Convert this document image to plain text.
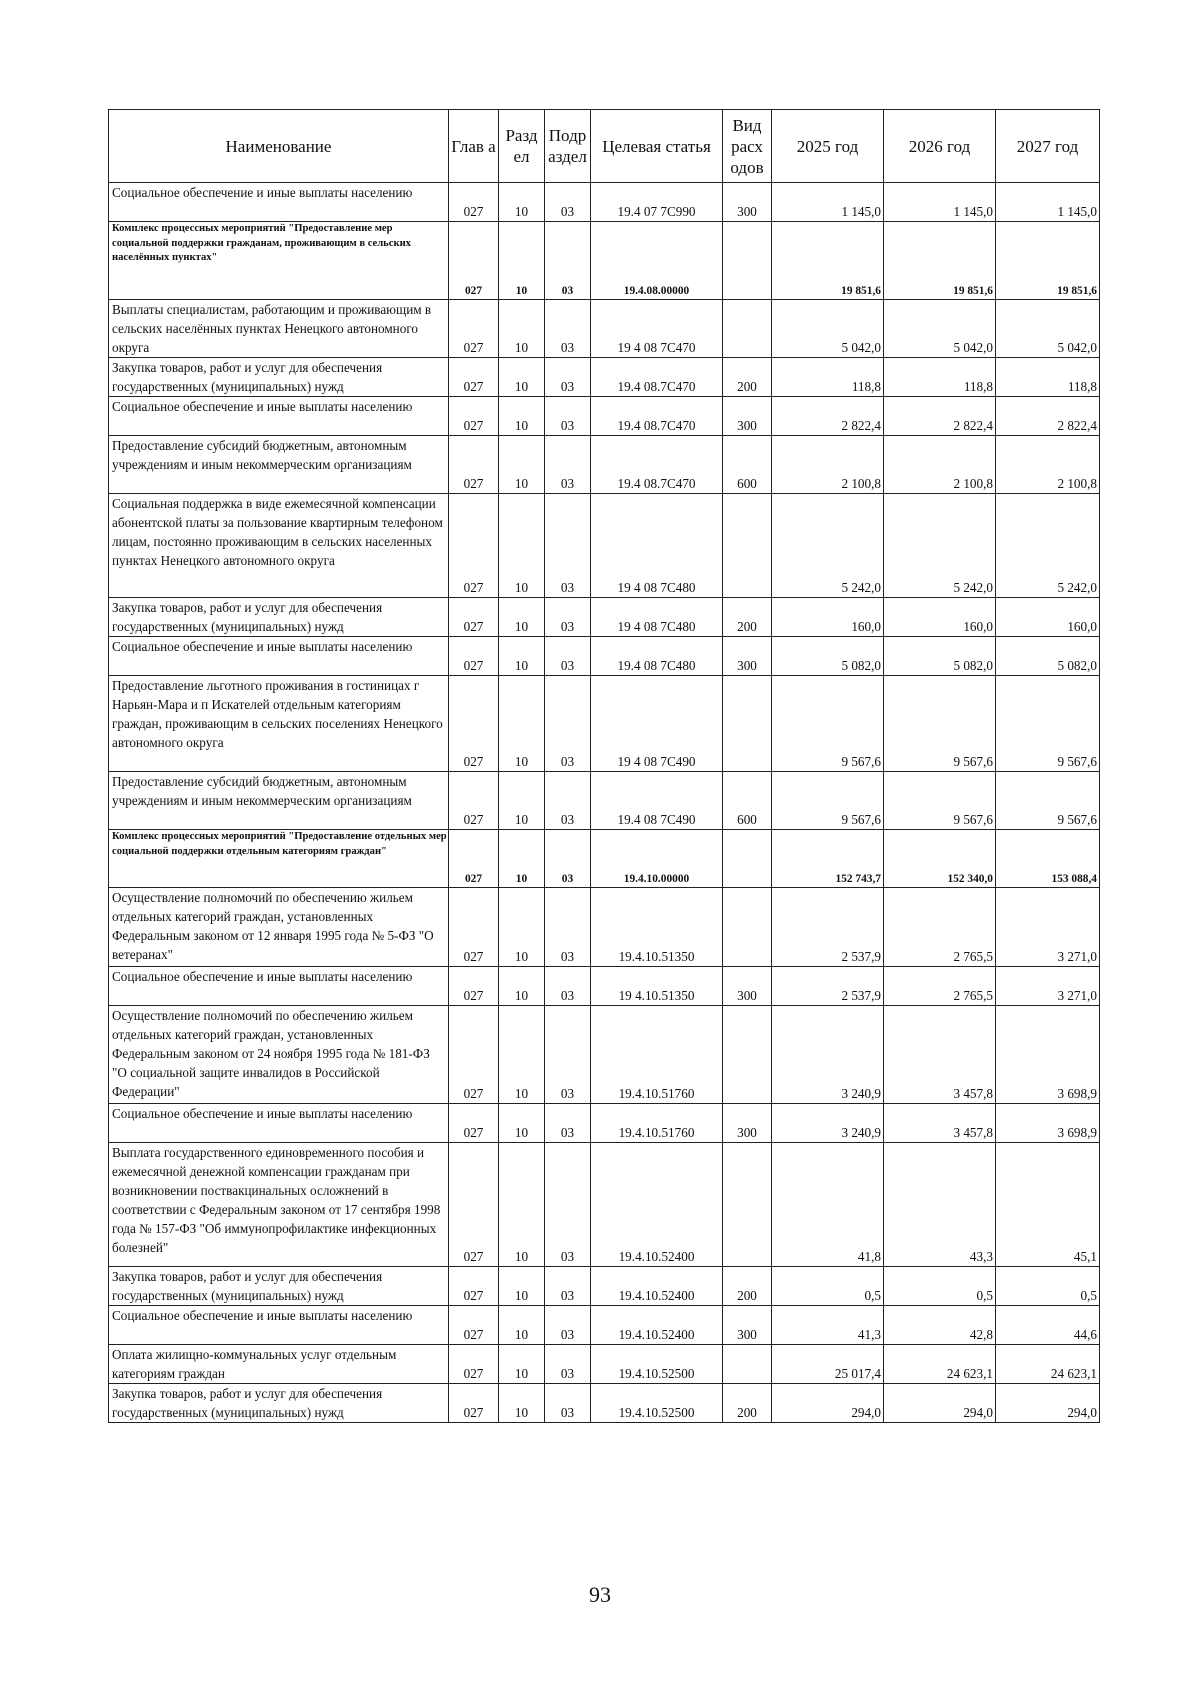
Наименование	Глав а	Разд ел	Подр аздел	Целевая статья	Вид расх одов	2025 год	2026 год	2027 год
Социальное обеспечение и иные выплаты населению	027	10	03	19.4 07 7С990	300	1 145,0	1 145,0	1 145,0
Комплекс процессных мероприятий "Предоставление мер социальной поддержки гражданам, проживающим в сельских населённых пунктах"	027	10	03	19.4.08.00000		19 851,6	19 851,6	19 851,6
Выплаты специалистам, работающим и проживающим в сельских населённых пунктах Ненецкого автономного округа	027	10	03	19 4 08 7С470		5 042,0	5 042,0	5 042,0
Закупка товаров, работ и услуг для обеспечения государственных (муниципальных) нужд	027	10	03	19.4 08.7С470	200	118,8	118,8	118,8
Социальное обеспечение и иные выплаты населению	027	10	03	19.4 08.7С470	300	2 822,4	2 822,4	2 822,4
Предоставление субсидий бюджетным, автономным учреждениям и иным некоммерческим организациям	027	10	03	19.4 08.7С470	600	2 100,8	2 100,8	2 100,8
Социальная поддержка в виде ежемесячной компенсации абонентской платы за пользование квартирным телефоном лицам, постоянно проживающим в сельских населенных пунктах Ненецкого автономного округа	027	10	03	19 4 08 7С480		5 242,0	5 242,0	5 242,0
Закупка товаров, работ и услуг для обеспечения государственных (муниципальных) нужд	027	10	03	19 4 08 7С480	200	160,0	160,0	160,0
Социальное обеспечение и иные выплаты населению	027	10	03	19.4 08 7С480	300	5 082,0	5 082,0	5 082,0
Предоставление льготного проживания в гостиницах г Нарьян-Мара и п Искателей отдельным категориям граждан, проживающим в сельских поселениях Ненецкого автономного округа	027	10	03	19 4 08 7С490		9 567,6	9 567,6	9 567,6
Предоставление субсидий бюджетным, автономным учреждениям и иным некоммерческим организациям	027	10	03	19.4 08 7С490	600	9 567,6	9 567,6	9 567,6
Комплекс процессных мероприятий "Предоставление отдельных мер социальной поддержки отдельным категориям граждан"	027	10	03	19.4.10.00000		152 743,7	152 340,0	153 088,4
Осуществление полномочий по обеспечению жильем отдельных категорий граждан, установленных Федеральным законом от 12 января 1995 года № 5-ФЗ "О ветеранах"	027	10	03	19.4.10.51350		2 537,9	2 765,5	3 271,0
Социальное обеспечение и иные выплаты населению	027	10	03	19 4.10.51350	300	2 537,9	2 765,5	3 271,0
Осуществление полномочий по обеспечению жильем отдельных категорий граждан, установленных Федеральным законом от 24 ноября 1995 года № 181-ФЗ "О социальной защите инвалидов в Российской Федерации"	027	10	03	19.4.10.51760		3 240,9	3 457,8	3 698,9
Социальное обеспечение и иные выплаты населению	027	10	03	19.4.10.51760	300	3 240,9	3 457,8	3 698,9
Выплата государственного единовременного пособия и ежемесячной денежной компенсации гражданам при возникновении поствакцинальных осложнений в соответствии с Федеральным законом от 17 сентября 1998 года № 157-ФЗ "Об иммунопрофилактике инфекционных болезней"	027	10	03	19.4.10.52400		41,8	43,3	45,1
Закупка товаров, работ и услуг для обеспечения государственных (муниципальных) нужд	027	10	03	19.4.10.52400	200	0,5	0,5	0,5
Социальное обеспечение и иные выплаты населению	027	10	03	19.4.10.52400	300	41,3	42,8	44,6
Оплата жилищно-коммунальных услуг отдельным категориям граждан	027	10	03	19.4.10.52500		25 017,4	24 623,1	24 623,1
Закупка товаров, работ и услуг для обеспечения государственных (муниципальных) нужд	027	10	03	19.4.10.52500	200	294,0	294,0	294,0
93
